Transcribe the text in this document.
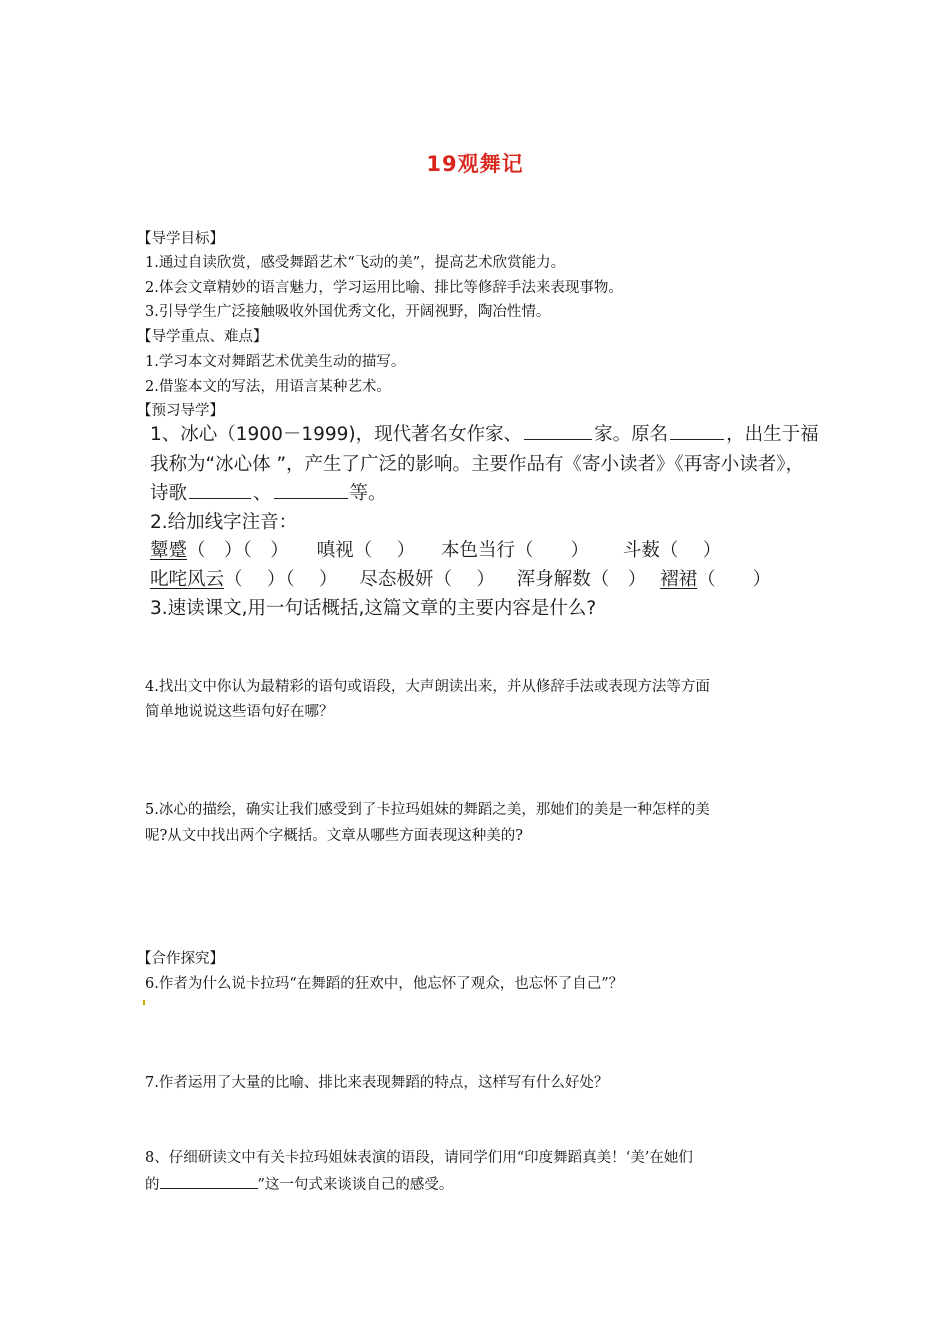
19观舞记
【导学目标】
1.通过自读欣赏，感受舞蹈艺术“飞动的美”，提高艺术欣赏能力。
2.体会文章精妙的语言魅力，学习运用比喻、排比等修辞手法来表现事物。
3.引导学生广泛接触吸收外国优秀文化，开阔视野，陶冶性情。
【导学重点、难点】
1.学习本文对舞蹈艺术优美生动的描写。
2.借鉴本文的写法，用语言某种艺术。
【预习导学】
1、冰心（1900－1999)，现代著名女作家、	家。原名	，出生于福
我称为“冰心体 ”，产生了广泛的影响。主要作品有《寄小读者》《再寄小读者》，
诗歌	、	等。
2.给加线字注音：
颦蹙（　）（　） 嗔视（　 ） 本色当行（　　） 斗薮（　 ）
叱咤风云（　 ）（　 ） 尽态极妍（　 ） 浑身解数（　） 褶裙（　　）
3.速读课文,用一句话概括,这篇文章的主要内容是什么?
4.找出文中你认为最精彩的语句或语段，大声朗读出来，并从修辞手法或表现方法等方面
简单地说说这些语句好在哪？
5.冰心的描绘，确实让我们感受到了卡拉玛姐妹的舞蹈之美，那她们的美是一种怎样的美
呢?从文中找出两个字概括。文章从哪些方面表现这种美的?
【合作探究】
6.作者为什么说卡拉玛“在舞蹈的狂欢中，他忘怀了观众，也忘怀了自己”？
7.作者运用了大量的比喻、排比来表现舞蹈的特点，这样写有什么好处？
8、仔细研读文中有关卡拉玛姐妹表演的语段，请同学们用“印度舞蹈真美！‘美’在她们
的	”这一句式来谈谈自己的感受。
